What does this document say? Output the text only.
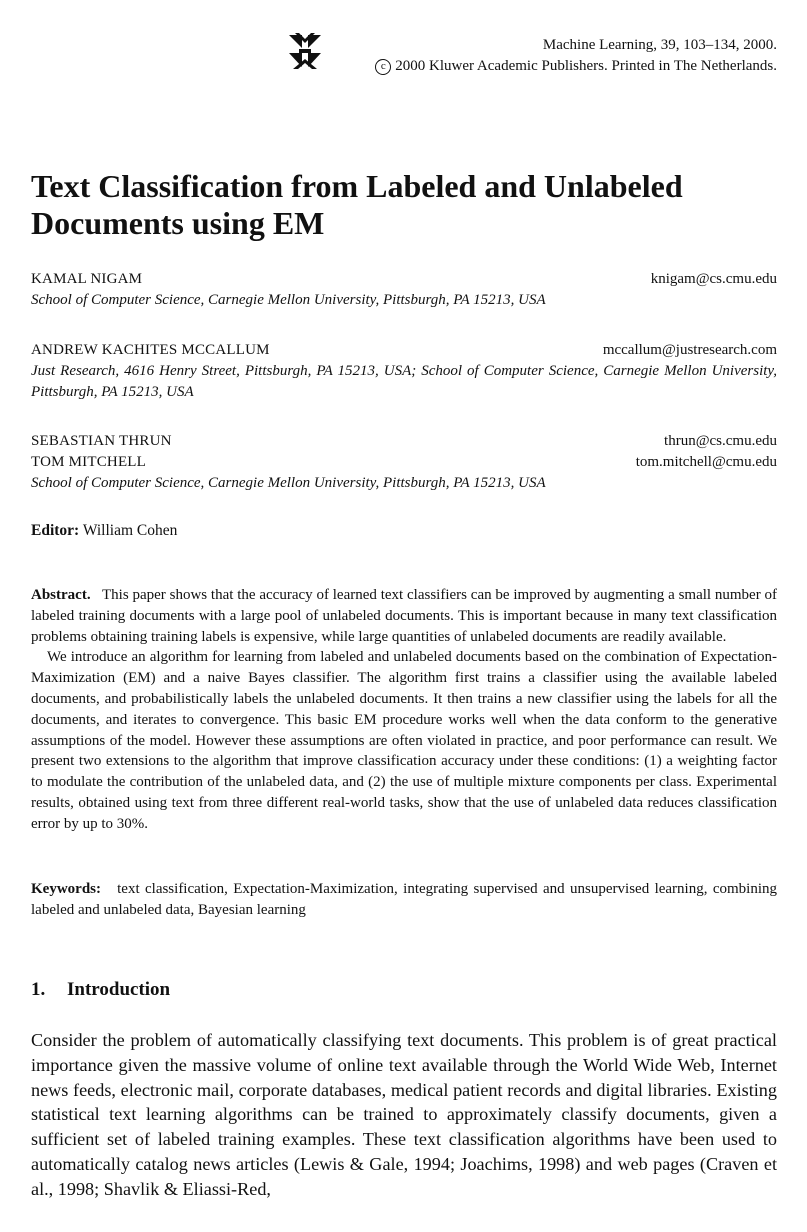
Machine Learning, 39, 103–134, 2000.
c 2000 Kluwer Academic Publishers. Printed in The Netherlands.
Text Classification from Labeled and Unlabeled
Documents using EM
KAMAL NIGAM	knigam@cs.cmu.edu
School of Computer Science, Carnegie Mellon University, Pittsburgh, PA 15213, USA
ANDREW KACHITES MCCALLUM	mccallum@justresearch.com
Just Research, 4616 Henry Street, Pittsburgh, PA 15213, USA; School of Computer Science, Carnegie Mellon University, Pittsburgh, PA 15213, USA
SEBASTIAN THRUN	thrun@cs.cmu.edu
TOM MITCHELL	tom.mitchell@cmu.edu
School of Computer Science, Carnegie Mellon University, Pittsburgh, PA 15213, USA
Editor: William Cohen

Abstract. This paper shows that the accuracy of learned text classifiers can be improved by augmenting a small number of labeled training documents with a large pool of unlabeled documents. This is important because in many text classification problems obtaining training labels is expensive, while large quantities of unlabeled documents are readily available.

We introduce an algorithm for learning from labeled and unlabeled documents based on the combination of Expectation-Maximization (EM) and a naive Bayes classifier. The algorithm first trains a classifier using the available labeled documents, and probabilistically labels the unlabeled documents. It then trains a new classifier using the labels for all the documents, and iterates to convergence. This basic EM procedure works well when the data conform to the generative assumptions of the model. However these assumptions are often violated in practice, and poor performance can result. We present two extensions to the algorithm that improve classification accuracy under these conditions: (1) a weighting factor to modulate the contribution of the unlabeled data, and (2) the use of multiple mixture components per class. Experimental results, obtained using text from three different real-world tasks, show that the use of unlabeled data reduces classification error by up to 30%.

Keywords: text classification, Expectation-Maximization, integrating supervised and unsupervised learning, combining labeled and unlabeled data, Bayesian learning
1. Introduction

Consider the problem of automatically classifying text documents. This problem is of great practical importance given the massive volume of online text available through the World Wide Web, Internet news feeds, electronic mail, corporate databases, medical patient records and digital libraries. Existing statistical text learning algorithms can be trained to approximately classify documents, given a sufficient set of labeled training examples. These text classification algorithms have been used to automatically catalog news articles (Lewis & Gale, 1994; Joachims, 1998) and web pages (Craven et al., 1998; Shavlik & Eliassi-Red,
